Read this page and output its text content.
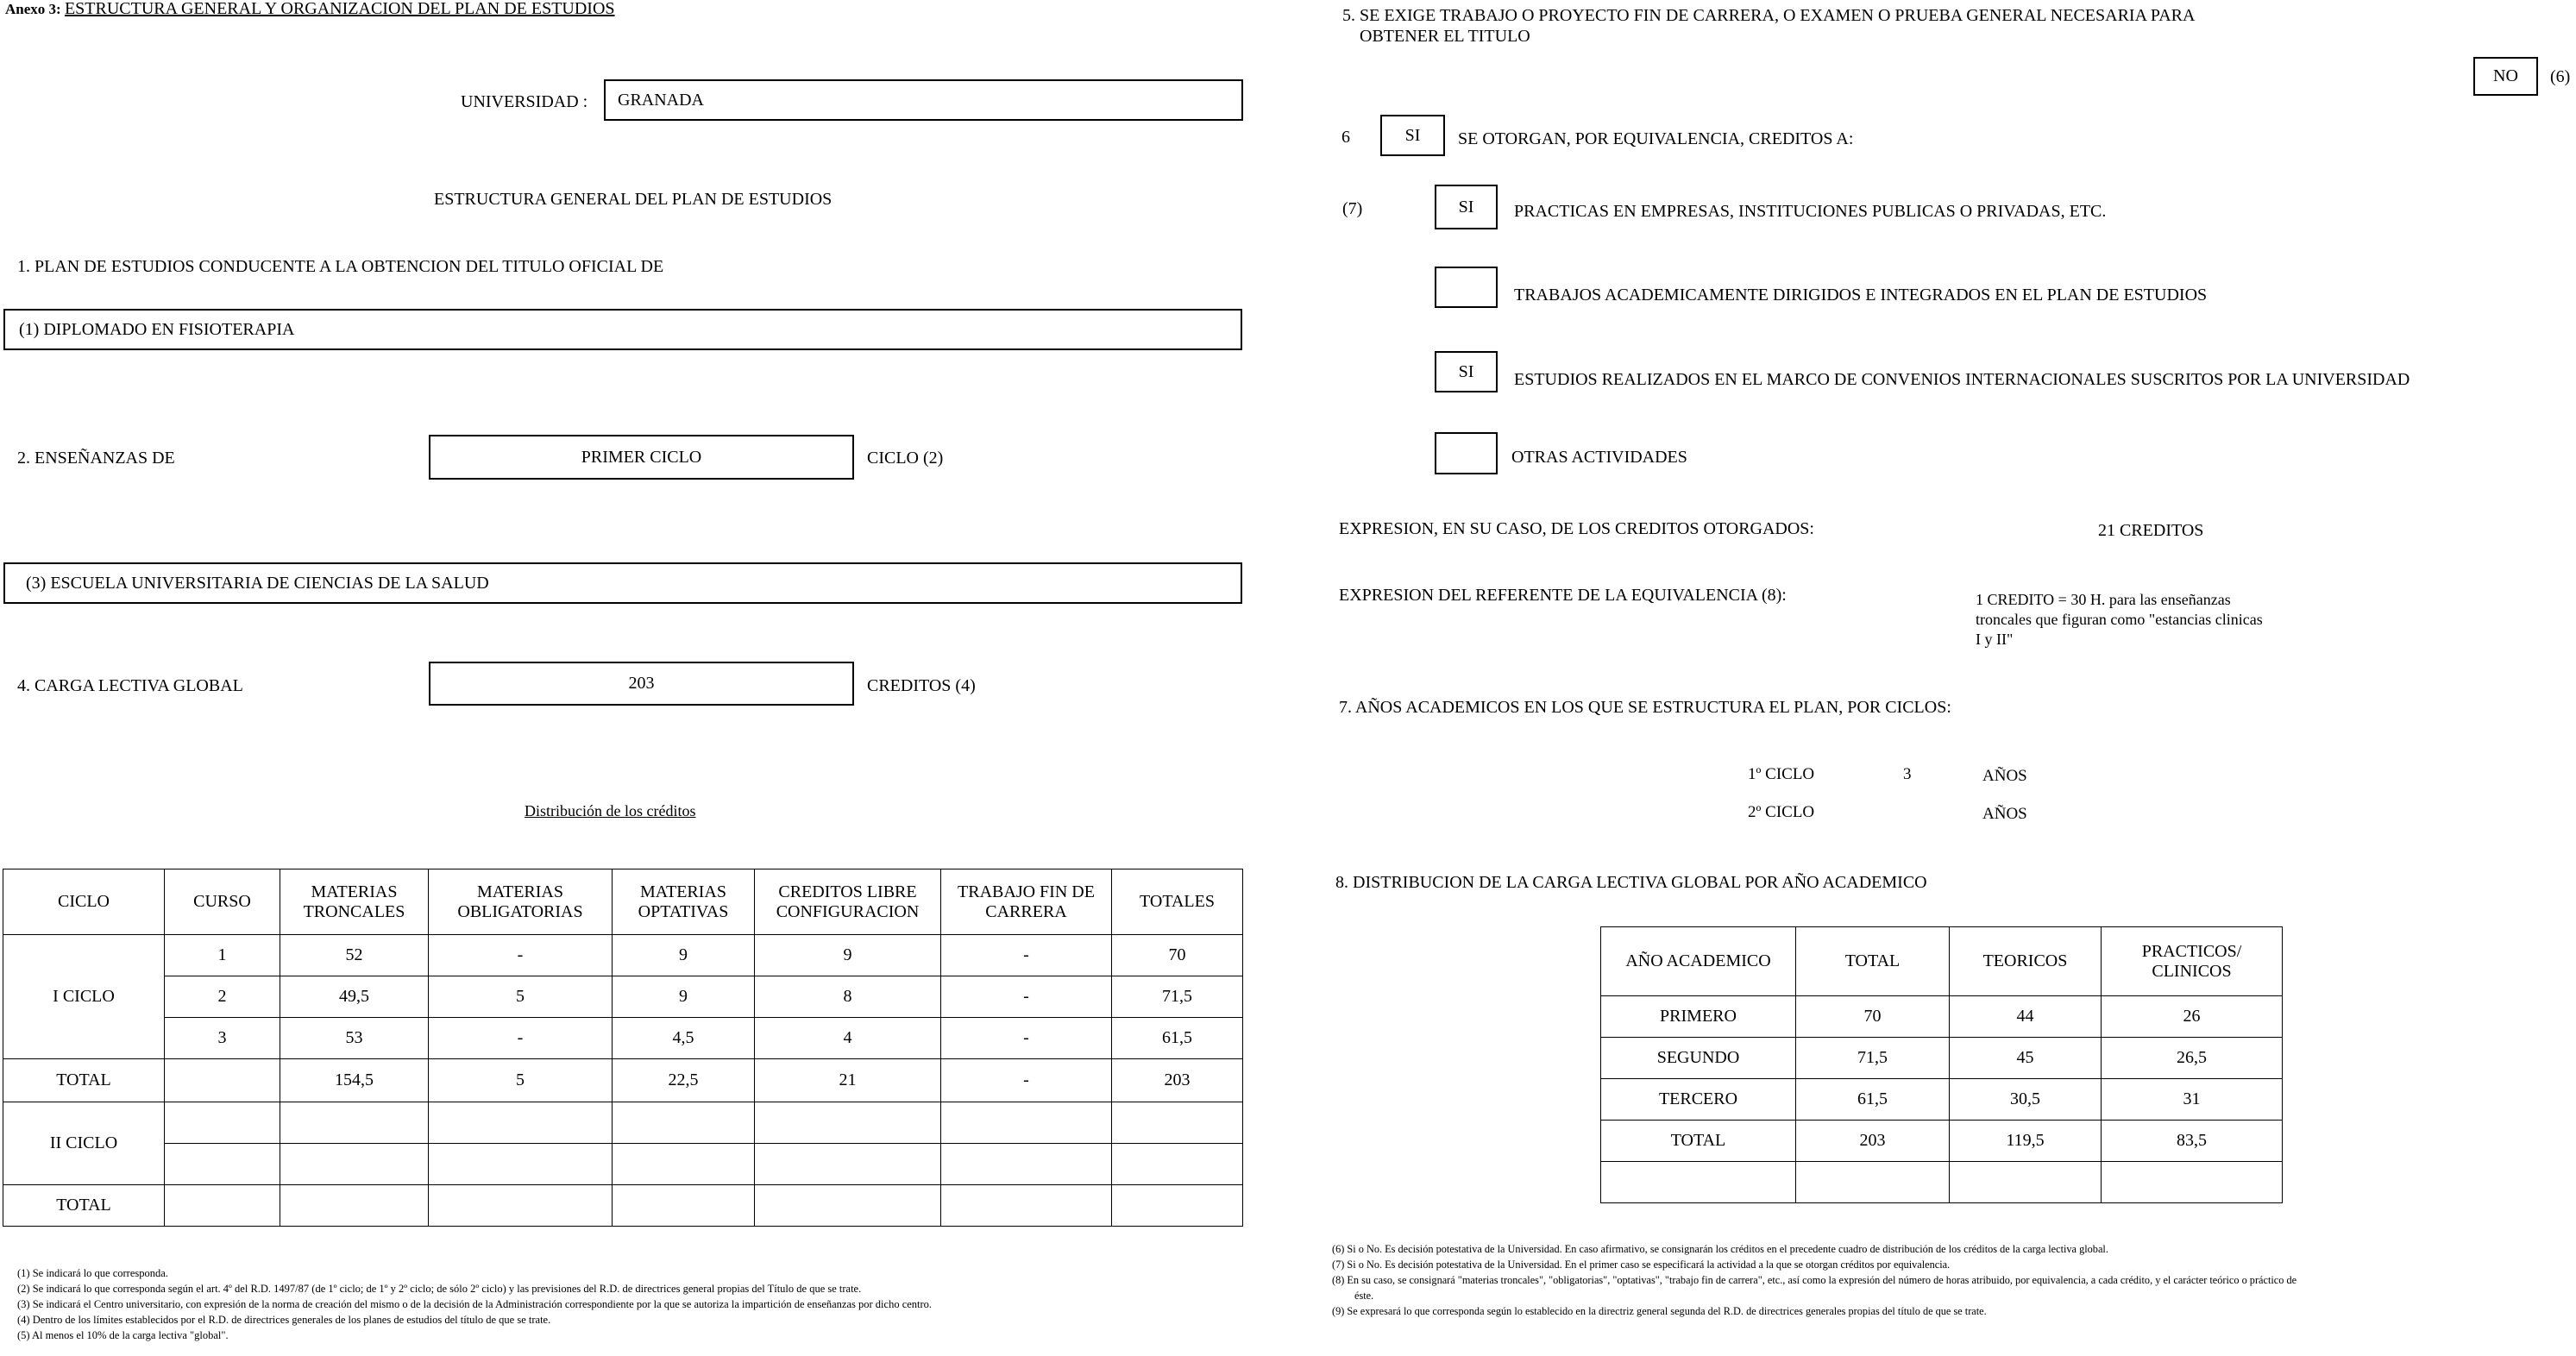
Anexo 3: ESTRUCTURA GENERAL Y ORGANIZACION DEL PLAN DE ESTUDIOS
UNIVERSIDAD :	GRANADA
ESTRUCTURA GENERAL DEL PLAN DE ESTUDIOS
1. PLAN DE ESTUDIOS CONDUCENTE A LA OBTENCION DEL TITULO OFICIAL DE
(1) DIPLOMADO EN FISIOTERAPIA
2. ENSEÑANZAS DE	PRIMER CICLO	CICLO (2)
(3) ESCUELA UNIVERSITARIA DE CIENCIAS DE LA SALUD
4. CARGA LECTIVA GLOBAL	203	CREDITOS (4)
Distribución de los créditos
CICLO	CURSO	MATERIAS TRONCALES	MATERIAS OBLIGATORIAS	MATERIAS OPTATIVAS	CREDITOS LIBRE CONFIGURACION	TRABAJO FIN DE CARRERA	TOTALES
I CICLO	1	52	-	9	9	-	70
	2	49,5	5	9	8	-	71,5
	3	53	-	4,5	4	-	61,5
TOTAL		154,5	5	22,5	21	-	203
II CICLO							

TOTAL							
(1) Se indicará lo que corresponda.
(2) Se indicará lo que corresponda según el art. 4º del R.D. 1497/87 (de 1º ciclo; de 1º y 2º ciclo; de sólo 2º ciclo) y las previsiones del R.D. de directrices general propias del Título de que se trate.
(3) Se indicará el Centro universitario, con expresión de la norma de creación del mismo o de la decisión de la Administración correspondiente por la que se autoriza la impartición de enseñanzas por dicho centro.
(4) Dentro de los límites establecidos por el R.D. de directrices generales de los planes de estudios del título de que se trate.
(5) Al menos el 10% de la carga lectiva "global".
5. SE EXIGE TRABAJO O PROYECTO FIN DE CARRERA, O EXAMEN O PRUEBA GENERAL NECESARIA PARA
OBTENER EL TITULO
NO	(6)
6	SI	SE OTORGAN, POR EQUIVALENCIA, CREDITOS A:
(7)	SI	PRACTICAS EN EMPRESAS, INSTITUCIONES PUBLICAS O PRIVADAS, ETC.
TRABAJOS ACADEMICAMENTE DIRIGIDOS E INTEGRADOS EN EL PLAN DE ESTUDIOS
SI	ESTUDIOS REALIZADOS EN EL MARCO DE CONVENIOS INTERNACIONALES SUSCRITOS POR LA UNIVERSIDAD
OTRAS ACTIVIDADES
EXPRESION, EN SU CASO, DE LOS CREDITOS OTORGADOS:	21 CREDITOS
EXPRESION DEL REFERENTE DE LA EQUIVALENCIA (8):	1 CREDITO = 30 H. para las enseñanzas
troncales que figuran como "estancias clinicas
I y II"
7. AÑOS ACADEMICOS EN LOS QUE SE ESTRUCTURA EL PLAN, POR CICLOS:
1º CICLO	3	AÑOS
2º CICLO	AÑOS
8. DISTRIBUCION DE LA CARGA LECTIVA GLOBAL POR AÑO ACADEMICO
AÑO ACADEMICO	TOTAL	TEORICOS	PRACTICOS/ CLINICOS
PRIMERO	70	44	26
SEGUNDO	71,5	45	26,5
TERCERO	61,5	30,5	31
TOTAL	203	119,5	83,5

(6) Si o No. Es decisión potestativa de la Universidad. En caso afirmativo, se consignarán los créditos en el precedente cuadro de distribución de los créditos de la carga lectiva global.
(7) Si o No. Es decisión potestativa de la Universidad. En el primer caso se especificará la actividad a la que se otorgan créditos por equivalencia.
(8) En su caso, se consignará "materias troncales", "obligatorias", "optativas", "trabajo fin de carrera", etc., así como la expresión del número de horas atribuido, por equivalencia, a cada crédito, y el carácter teórico o práctico de
éste.
(9) Se expresará lo que corresponda según lo establecido en la directriz general segunda del R.D. de directrices generales propias del título de que se trate.
